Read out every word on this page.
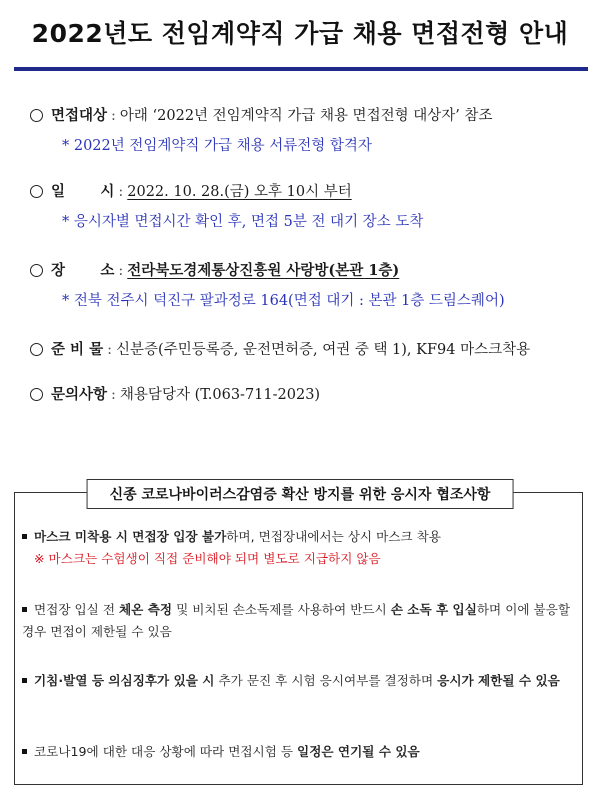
2022년도 전임계약직 가급 채용 면접전형 안내
면접대상 : 아래 ‘2022년 전임계약직 가급 채용 면접전형 대상자’ 참조
* 2022년 전임계약직 가급 채용 서류전형 합격자
일       시 : 2022. 10. 28.(금) 오후 10시 부터
* 응시자별 면접시간 확인 후, 면접 5분 전 대기 장소 도착
장       소 : 전라북도경제통상진흥원 사랑방(본관 1층)
* 전북 전주시 덕진구 팔과정로 164(면접 대기 : 본관 1층 드림스퀘어)
준 비 물 : 신분증(주민등록증, 운전면허증, 여권 중 택 1), KF94 마스크착용
문의사항 : 채용담당자 (T.063-711-2023)
신종 코로나바이러스감염증 확산 방지를 위한 응시자 협조사항
마스크 미착용 시 면접장 입장 불가하며, 면접장내에서는 상시 마스크 착용
※ 마스크는 수험생이 직접 준비해야 되며 별도로 지급하지 않음
면접장 입실 전 체온 측정 및 비치된 손소독제를 사용하여 반드시 손 소독 후 입실하며 이에 불응할 경우 면접이 제한될 수 있음
기침·발열 등 의심징후가 있을 시 추가 문진 후 시험 응시여부를 결정하며 응시가 제한될 수 있음
코로나19에 대한 대응 상황에 따라 면접시험 등 일정은 연기될 수 있음
